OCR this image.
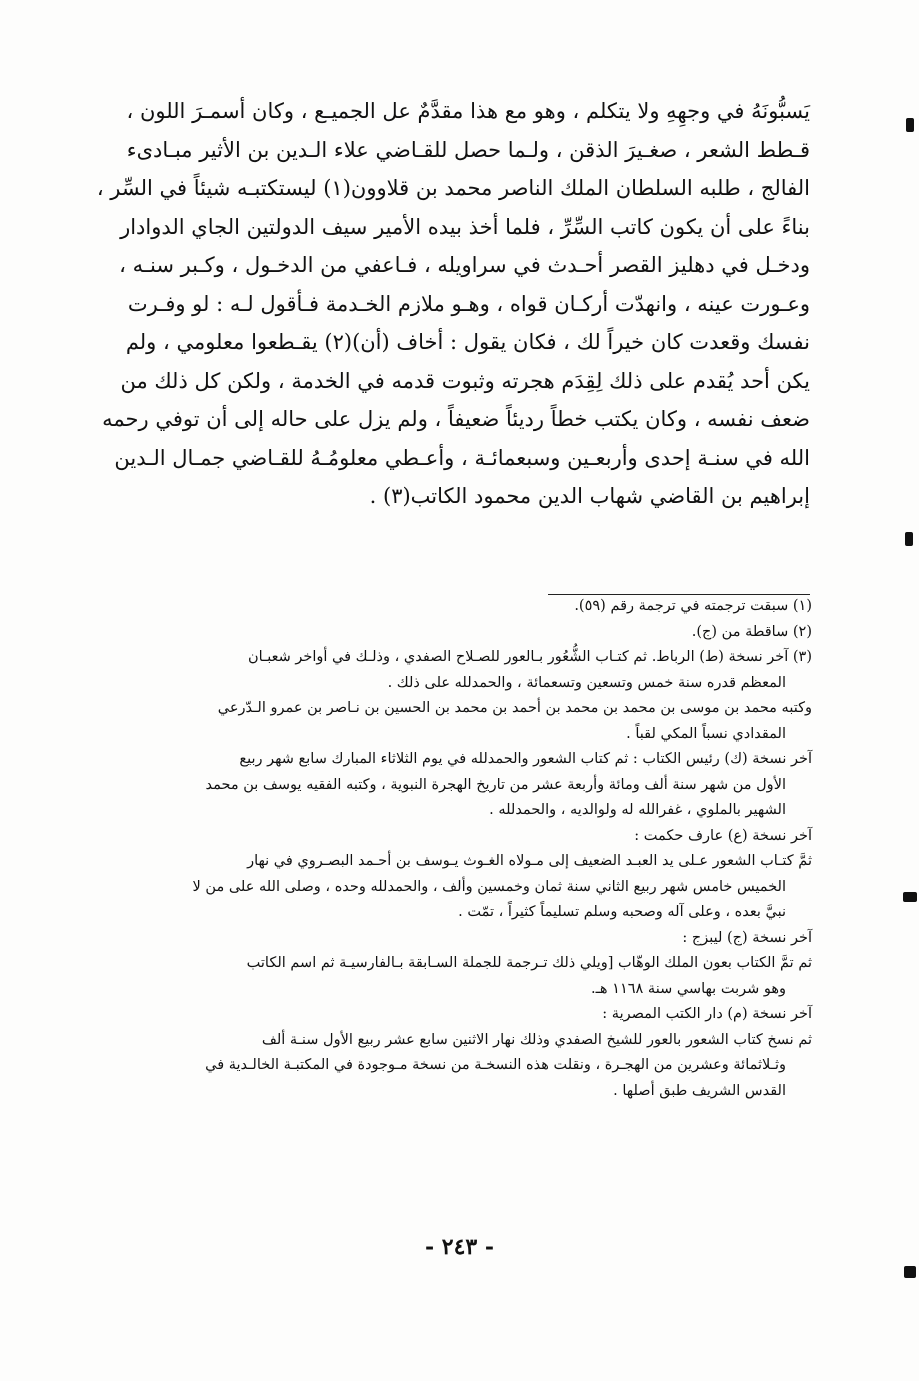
يَسبُّونَهُ في وجهِهِ ولا يتكلم ، وهو مع هذا مقدَّمٌ عل الجميـع ، وكان أسمـرَ اللون ،
قـطط الشعر ، صغـيرَ الذقن ، ولـما حصل للقـاضي علاء الـدين بن الأثير مبـادىء
الفالج ، طلبه السلطان الملك الناصر محمد بن قلاوون(١) ليستكتبـه شيئاً في السِّر ،
بناءً على أن يكون كاتب السِّرِّ ، فلما أخذ بيده الأمير سيف الدولتين الجاي الدوادار
ودخـل في دهليز القصر أحـدث في سراويله ، فـاعفي من الدخـول ، وكـبر سنـه ،
وعـورت عينه ، وانهدّت أركـان قواه ، وهـو ملازم الخـدمة فـأقول لـه : لو وفـرت
نفسك وقعدت كان خيراً لك ، فكان يقول : أخاف (أن)(٢) يقـطعوا معلومي ، ولم
يكن أحد يُقدم على ذلك لِقِدَم هجرته وثبوت قدمه في الخدمة ، ولكن كل ذلك من
ضعف نفسه ، وكان يكتب خطاً رديئاً ضعيفاً ، ولم يزل على حاله إلى أن توفي رحمه
الله في سنـة إحدى وأربعـين وسبعمائـة ، وأعـطي معلومُـهُ للقـاضي جمـال الـدين
إبراهيم بن القاضي شهاب الدين محمود الكاتب(٣) .
(١) سبقت ترجمته في ترجمة رقم (٥٩).
(٢) ساقطة من (ج).
(٣) آخر نسخة (ط) الرباط. ثم كتـاب الشُّعُور بـالعور للصـلاح الصفدي ، وذلـك في أواخر شعبـان
المعظم قدره سنة خمس وتسعين وتسعمائة ، والحمدلله على ذلك .
وكتبه محمد بن موسى بن محمد بن محمد بن أحمد بن محمد بن الحسين بن نـاصر بن عمرو الـدّرعي
المقدادي نسباً المكي لقباً .
آخر نسخة (ك) رئيس الكتاب : ثم كتاب الشعور والحمدلله في يوم الثلاثاء المبارك سابع شهر ربيع
الأول من شهر سنة ألف ومائة وأربعة عشر من تاريخ الهجرة النبوية ، وكتبه الفقيه يوسف بن محمد
الشهير بالملوي ، غفرالله له ولوالديه ، والحمدلله .
آخر نسخة (ع) عارف حكمت :
ثمَّ كتـاب الشعور عـلى يد العبـد الضعيف إلى مـولاه الغـوث يـوسف بن أحـمد البصـروي في نهار
الخميس خامس شهر ربيع الثاني سنة ثمان وخمسين وألف ، والحمدلله وحده ، وصلى الله على من لا
نبيَّ بعده ، وعلى آله وصحبه وسلم تسليماً كثيراً ، تمّت .
آخر نسخة (ج) ليبزج :
ثم تمَّ الكتاب بعون الملك الوهّاب [ويلي ذلك تـرجمة للجملة السـابقة بـالفارسيـة ثم اسم الكاتب
وهو شربت بهاسي سنة ١١٦٨ هـ.
آخر نسخة (م) دار الكتب المصرية :
ثم نسخ كتاب الشعور بالعور للشيخ الصفدي وذلك نهار الاثنين سابع عشر ربيع الأول سنـة ألف
وثـلاثمائة وعشرين من الهجـرة ، ونقلت هذه النسخـة من نسخة مـوجودة في المكتبـة الخالـدية في
القدس الشريف طبق أصلها .
- ٢٤٣ -
